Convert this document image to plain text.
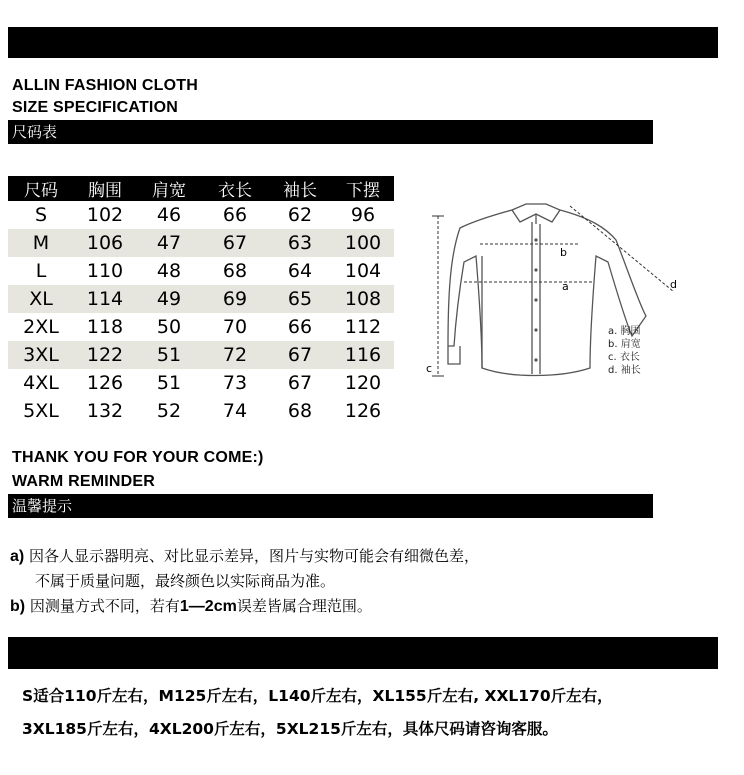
ALLIN FASHION CLOTH
SIZE SPECIFICATION
尺码表
尺码	胸围	肩宽	衣长	袖长	下摆
S	102	46	66	62	96
M	106	47	67	63	100
L	110	48	68	64	104
XL	114	49	69	65	108
2XL	118	50	70	66	112
3XL	122	51	72	67	116
4XL	126	51	73	67	120
5XL	132	52	74	68	126
b
a
c
d
a. 胸围
b. 肩宽
c. 衣长
d. 袖长
THANK YOU FOR YOUR COME:)
WARM REMINDER
温馨提示
a) 因各人显示器明亮、对比显示差异，图片与实物可能会有细微色差，
不属于质量问题，最终颜色以实际商品为准。
b) 因测量方式不同，若有1—2cm误差皆属合理范围。
S适合110斤左右，M125斤左右，L140斤左右，XL155斤左右, XXL170斤左右，
3XL185斤左右，4XL200斤左右，5XL215斤左右，具体尺码请咨询客服。
